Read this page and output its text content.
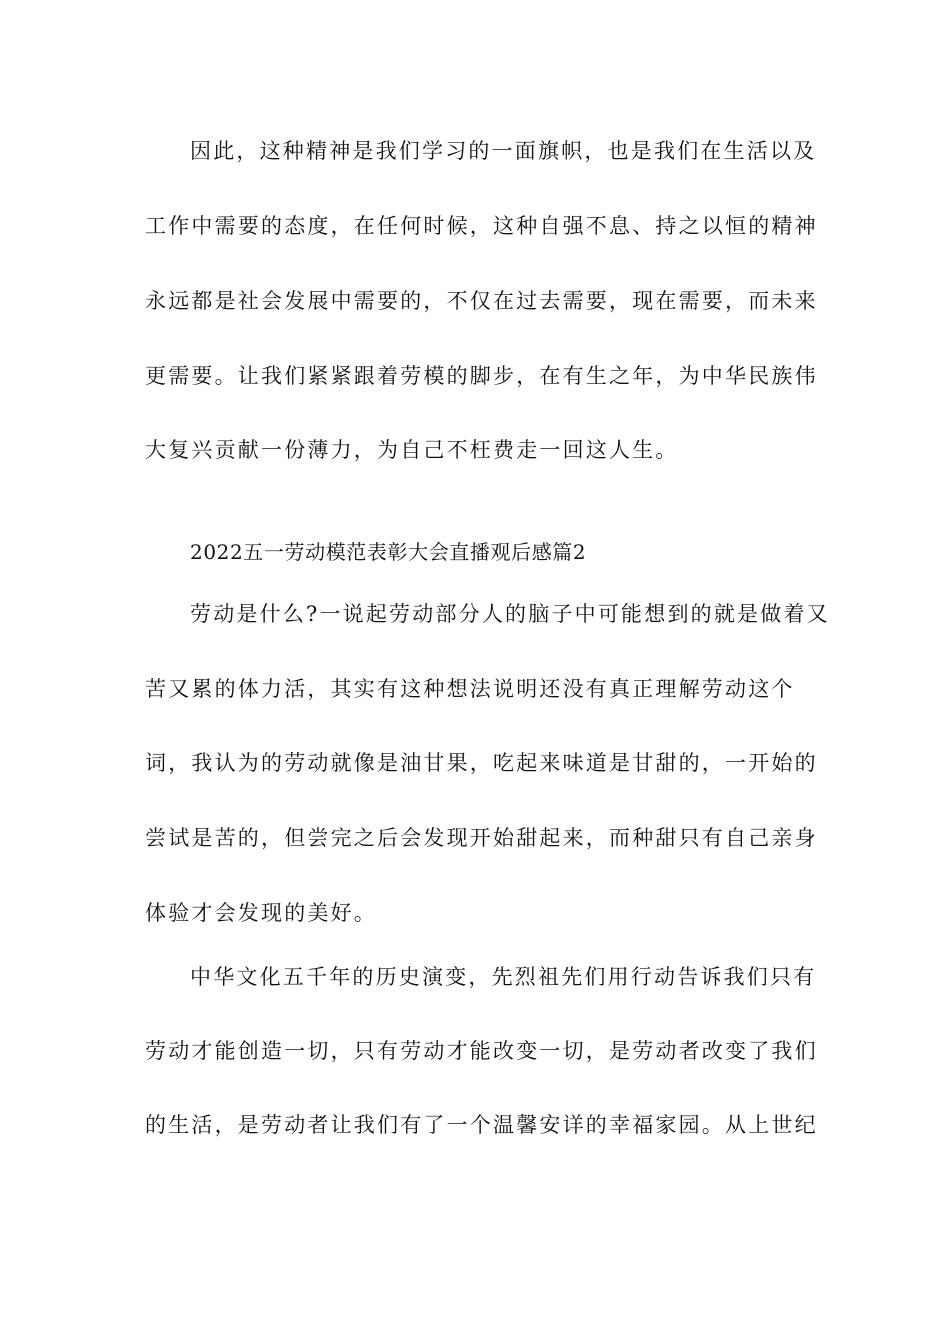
因此，这种精神是我们学习的一面旗帜，也是我们在生活以及
工作中需要的态度，在任何时候，这种自强不息、持之以恒的精神
永远都是社会发展中需要的，不仅在过去需要，现在需要，而未来
更需要。让我们紧紧跟着劳模的脚步，在有生之年，为中华民族伟
大复兴贡献一份薄力，为自己不枉费走一回这人生。
2022五一劳动模范表彰大会直播观后感篇2
劳动是什么?一说起劳动部分人的脑子中可能想到的就是做着又
苦又累的体力活，其实有这种想法说明还没有真正理解劳动这个
词，我认为的劳动就像是油甘果，吃起来味道是甘甜的，一开始的
尝试是苦的，但尝完之后会发现开始甜起来，而种甜只有自己亲身
体验才会发现的美好。
中华文化五千年的历史演变，先烈祖先们用行动告诉我们只有
劳动才能创造一切，只有劳动才能改变一切，是劳动者改变了我们
的生活，是劳动者让我们有了一个温馨安详的幸福家园。从上世纪
